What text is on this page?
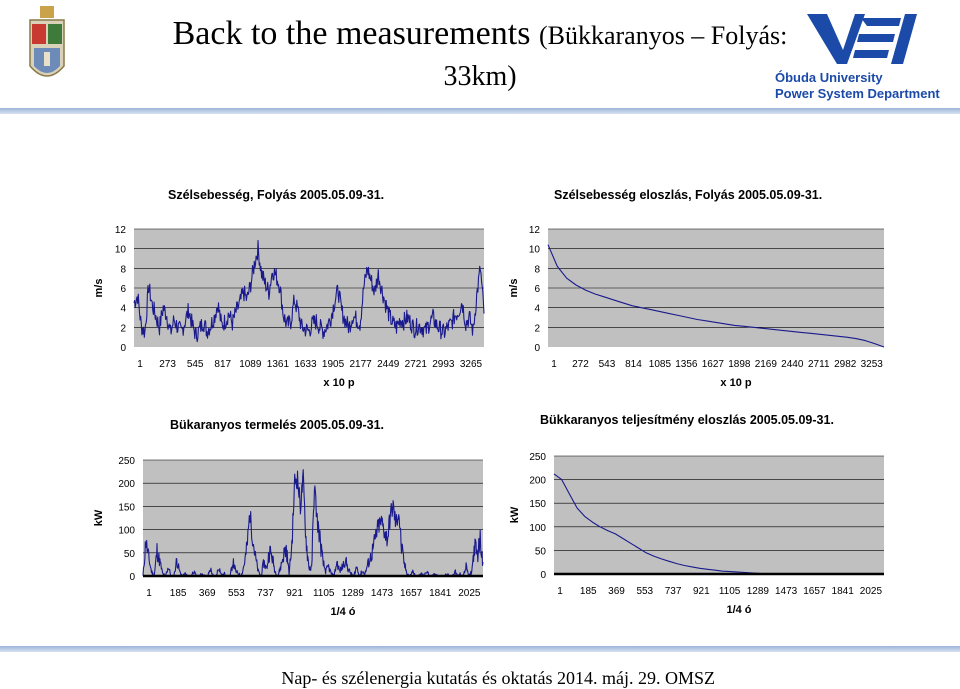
Back to the measurements (Bükkaranyos – Folyás:
33km)	Óbuda University
Power System Department
Szélsebesség, Folyás 2005.05.09-31.
0
2
4
6
8
10
12
1 273 545 817 1089 1361 1633 1905 2177 2449 2721 2993 3265
m/s
x 10 p
Szélsebesség eloszlás, Folyás 2005.05.09-31.
0
2
4
6
8
10
12
1 272 543 814 1085 1356 1627 1898 2169 2440 2711 2982 3253
m/s
x 10 p
Bükaranyos termelés 2005.05.09-31.
0
50
100
150
200
250
1 185 369 553 737 921 1105 1289 1473 1657 1841 2025
kW
1/4 ó
Bükkaranyos teljesítmény eloszlás 2005.05.09-31.
0
50
100
150
200
250
1 185 369 553 737 921 1105 1289 1473 1657 1841 2025
kW
1/4 ó
Nap- és szélenergia kutatás és oktatás 2014. máj. 29. OMSZ
